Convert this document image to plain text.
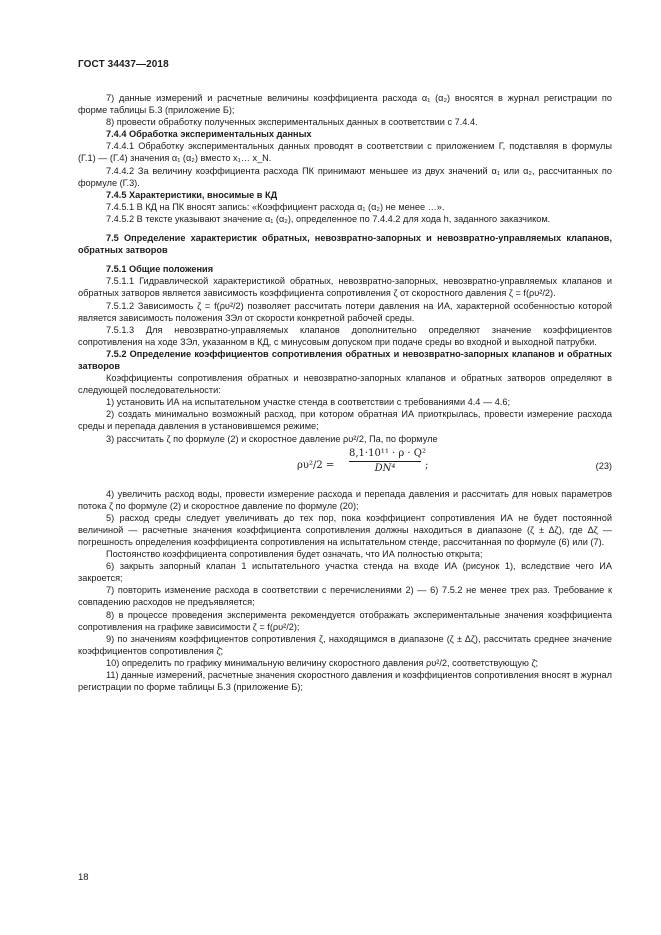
ГОСТ 34437—2018

7) данные измерений и расчетные величины коэффициента расхода α₁ (α₂) вносятся в журнал регистрации по форме таблицы Б.3 (приложение Б);

8) провести обработку полученных экспериментальных данных в соответствии с 7.4.4.

7.4.4 Обработка экспериментальных данных

7.4.4.1 Обработку экспериментальных данных проводят в соответствии с приложением Г, подставляя в формулы (Г.1) — (Г.4) значения α₁ (α₂) вместо x₁… x_N.

7.4.4.2 За величину коэффициента расхода ПК принимают меньшее из двух значений α₁ или α₂, рассчитанных по формуле (Г.3).

7.4.5 Характеристики, вносимые в КД

7.4.5.1 В КД на ПК вносят запись: «Коэффициент расхода α₁ (α₂) не менее …».

7.4.5.2 В тексте указывают значение α₁ (α₂), определенное по 7.4.4.2 для хода h, заданного заказчиком.

7.5 Определение характеристик обратных, невозвратно-запорных и невозвратно-управляемых клапанов, обратных затворов

7.5.1 Общие положения

7.5.1.1 Гидравлической характеристикой обратных, невозвратно-запорных, невозвратно-управляемых клапанов и обратных затворов является зависимость коэффициента сопротивления ζ от скоростного давления ζ = f(ρυ²/2).

7.5.1.2 Зависимость ζ = f(ρυ²/2) позволяет рассчитать потери давления на ИА, характерной особенностью которой является зависимость положения ЗЭл от скорости конкретной рабочей среды.

7.5.1.3 Для невозвратно-управляемых клапанов дополнительно определяют значение коэффициентов сопротивления на ходе ЗЭл, указанном в КД, с минусовым допуском при подаче среды во входной и выходной патрубки.

7.5.2 Определение коэффициентов сопротивления обратных и невозвратно-запорных клапанов и обратных затворов

Коэффициенты сопротивления обратных и невозвратно-запорных клапанов и обратных затворов определяют в следующей последовательности:

1) установить ИА на испытательном участке стенда в соответствии с требованиями 4.4 — 4.6;

2) создать минимально возможный расход, при котором обратная ИА приоткрылась, провести измерение расхода среды и перепада давления в установившемся режиме;

3) рассчитать ζ по формуле (2) и скоростное давление ρυ²/2, Па, по формуле

$\rho\upsilon^2/2 = \frac{\text{8,1·10¹¹ · ρ · Q²}}{\text{DN⁴}}$ ;	(23)

4) увеличить расход воды, провести измерение расхода и перепада давления и рассчитать для новых параметров потока ζ по формуле (2) и скоростное давление по формуле (20);

5) расход среды следует увеличивать до тех пор, пока коэффициент сопротивления ИА не будет постоянной величиной — расчетные значения коэффициента сопротивления должны находиться в диапазоне (ζ ± Δζ), где Δζ — погрешность определения коэффициента сопротивления на испытательном стенде, рассчитанная по формуле (6) или (7).

Постоянство коэффициента сопротивления будет означать, что ИА полностью открыта;

6) закрыть запорный клапан 1 испытательного участка стенда на входе ИА (рисунок 1), вследствие чего ИА закроется;

7) повторить изменение расхода в соответствии с перечислениями 2) — 6) 7.5.2 не менее трех раз. Требование к совпадению расходов не предъявляется;

8) в процессе проведения эксперимента рекомендуется отображать экспериментальные значения коэффициента сопротивления на графике зависимости ζ = f(ρυ²/2);

9) по значениям коэффициентов сопротивления ζ, находящимся в диапазоне (ζ ± Δζ), рассчитать среднее значение коэффициентов сопротивления ζ̄;

10) определить по графику минимальную величину скоростного давления ρυ²/2, соответствующую ζ̄;

11) данные измерений, расчетные значения скоростного давления и коэффициентов сопротивления вносят в журнал регистрации по форме таблицы Б.3 (приложение Б);

18
